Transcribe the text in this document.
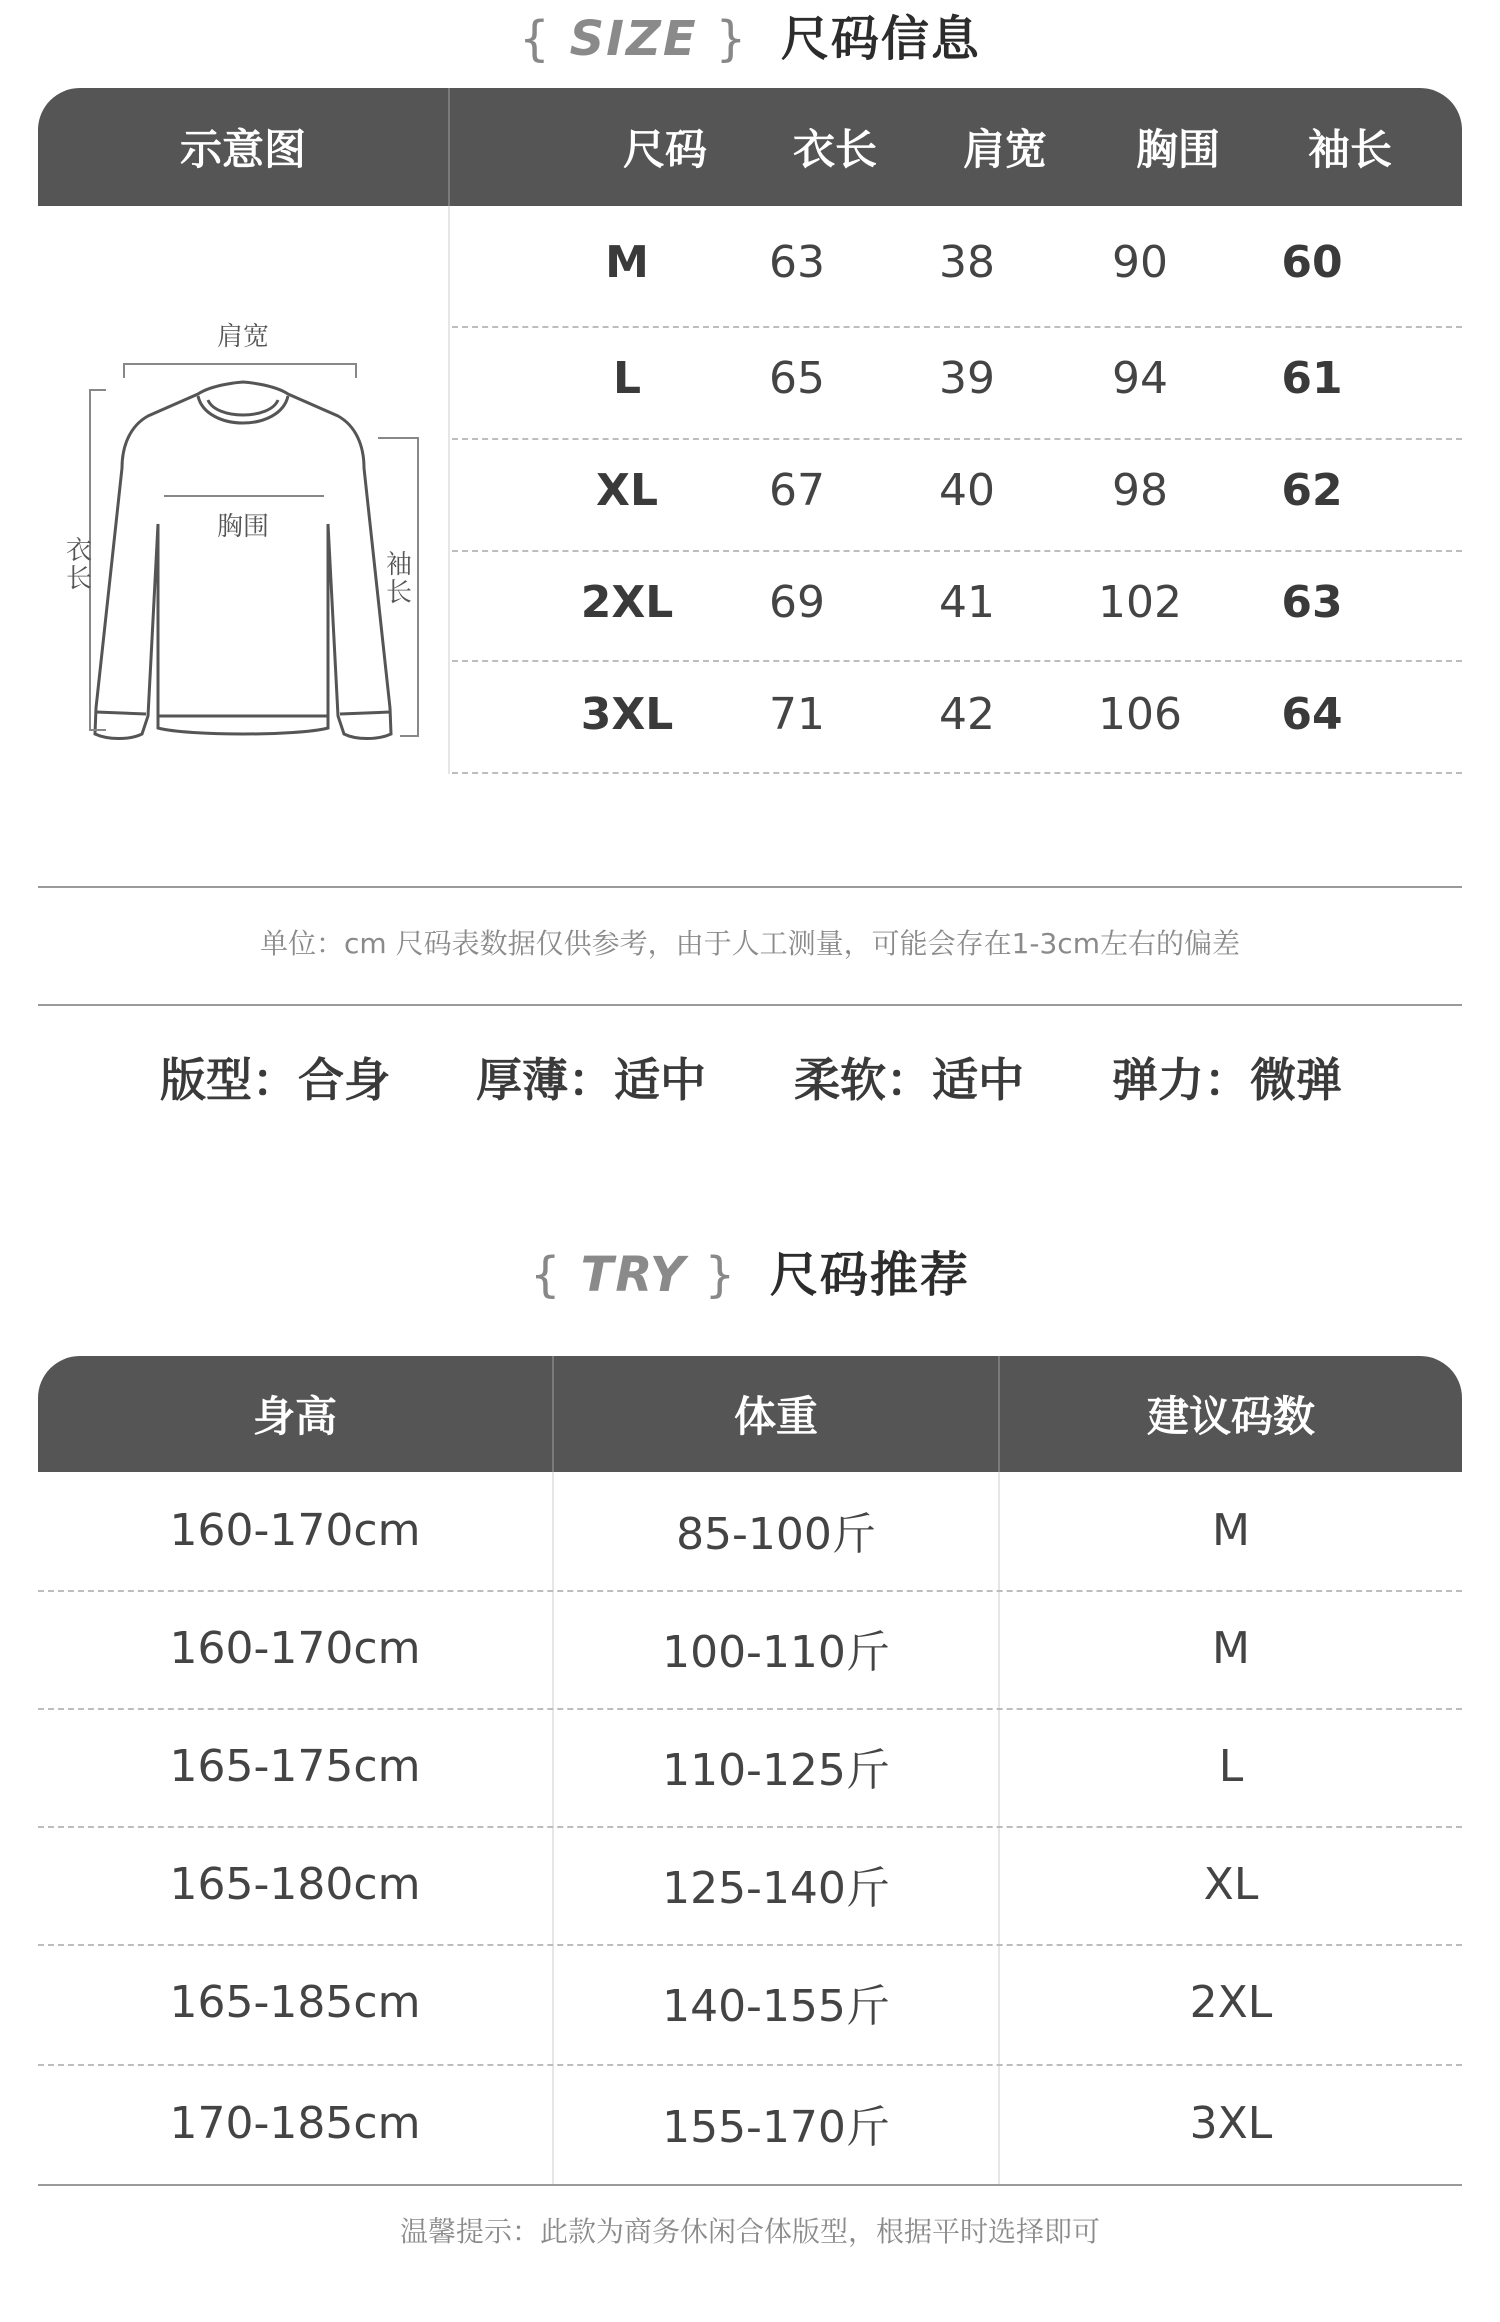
{ SIZE } 尺码信息
示意图	尺码	衣长	肩宽	胸围	袖长
肩宽
胸围
衣
长	袖
长
M	63	38	90	60
L	65	39	94	61
XL	67	40	98	62
2XL	69	41	102	63
3XL	71	42	106	64
单位：cm 尺码表数据仅供参考，由于人工测量，可能会存在1-3cm左右的偏差
版型：合身 厚薄：适中 柔软：适中 弹力：微弹
{ TRY } 尺码推荐
身高	体重	建议码数
160-170cm	85-100斤	M
160-170cm	100-110斤	M
165-175cm	110-125斤	L
165-180cm	125-140斤	XL
165-185cm	140-155斤	2XL
170-185cm	155-170斤	3XL
温馨提示：此款为商务休闲合体版型，根据平时选择即可
